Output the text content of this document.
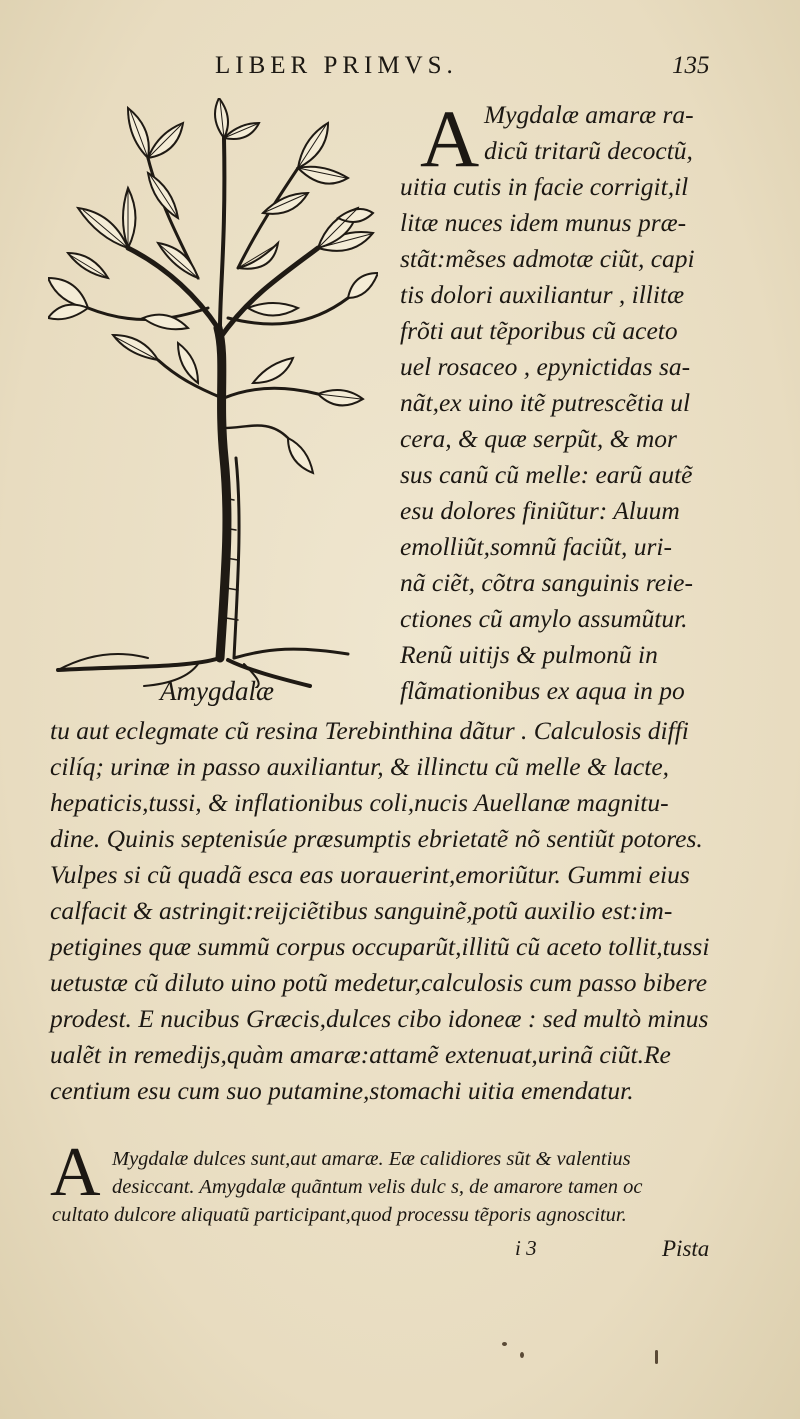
LIBER PRIMVS.	135
Amygdalæ
A Mygdalæ amaræ ra-
dicũ tritarũ decoctũ,
uitia cutis in facie corrigit,il
litæ nuces idem munus præ-
stãt:mẽses admotæ ciũt, capi
tis dolori auxiliantur , illitæ
frõti aut tẽporibus cũ aceto
uel rosaceo , epynictidas sa-
nãt,ex uino itẽ putrescẽtia ul
cera, & quæ serpũt, & mor
sus canũ cũ melle: earũ autẽ
esu dolores finiũtur: Aluum
emolliũt,somnũ faciũt, uri-
nã ciẽt, cõtra sanguinis reie-
ctiones cũ amylo assumũtur.
Renũ uitijs & pulmonũ in
flãmationibus ex aqua in po
tu aut eclegmate cũ resina Terebinthina dãtur . Calculosis diffi
cilíq; urinæ in passo auxiliantur, & illinctu cũ melle & lacte,
hepaticis,tussi, & inflationibus coli,nucis Auellanæ magnitu-
dine. Quinis septenisúe præsumptis ebrietatẽ nõ sentiũt potores.
Vulpes si cũ quadã esca eas uorauerint,emoriũtur. Gummi eius
calfacit & astringit:reijciẽtibus sanguinẽ,potũ auxilio est:im-
petigines quæ summũ corpus occuparũt,illitũ cũ aceto tollit,tussi
uetustæ cũ diluto uino potũ medetur,calculosis cum passo bibere
prodest. E nucibus Græcis,dulces cibo idoneæ : sed multò minus
ualẽt in remedijs,quàm amaræ:attamẽ extenuat,urinã ciũt.Re
centium esu cum suo putamine,stomachi uitia emendatur.
A Mygdalæ dulces sunt,aut amaræ. Eæ calidiores sũt & valentius
desiccant. Amygdalæ quãntum velis dulc s, de amarore tamen oc
cultato dulcore aliquatũ participant,quod processu tẽporis agnoscitur.
i 3	Pista
